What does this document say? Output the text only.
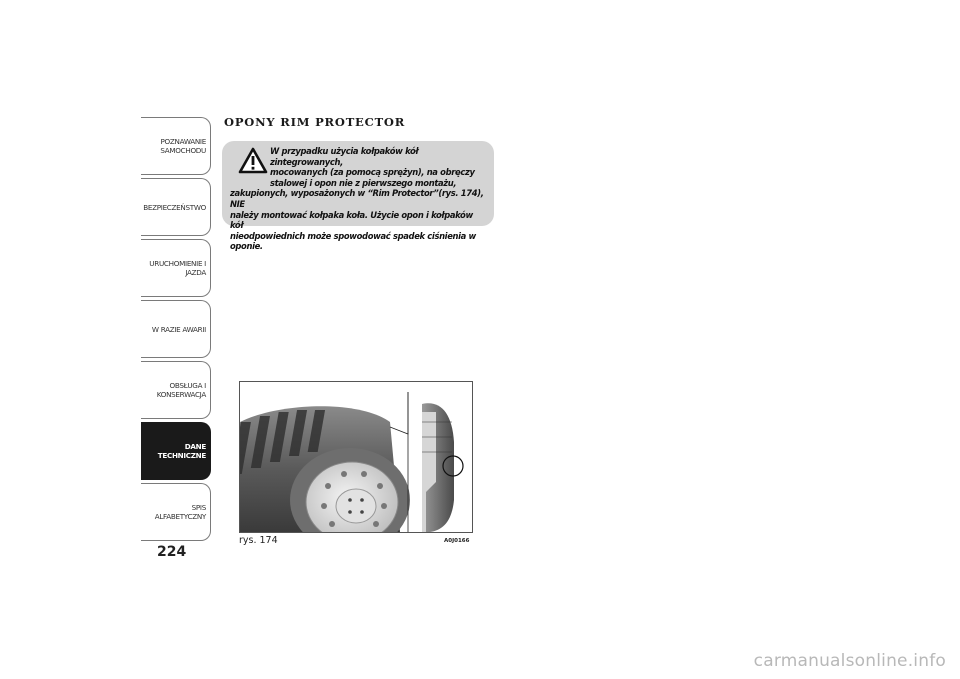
POZNAWANIE
SAMOCHODU
BEZPIECZEŃSTWO
URUCHOMIENIE I
JAZDA
W RAZIE AWARII
OBSŁUGA I
KONSERWACJA
DANE
TECHNICZNE
SPIS ALFABETYCZNY
224
OPONY RIM PROTECTOR
W przypadku użycia kołpaków kół zintegrowanych,
mocowanych (za pomocą sprężyn), na obręczy
stalowej i opon nie z pierwszego montażu,
zakupionych, wyposażonych w “Rim Protector”(rys. 174), NIE
należy montować kołpaka koła. Użycie opon i kołpaków kół
nieodpowiednich może spowodować spadek ciśnienia w oponie.
rys. 174	A0J0166
carmanualsonline.info
